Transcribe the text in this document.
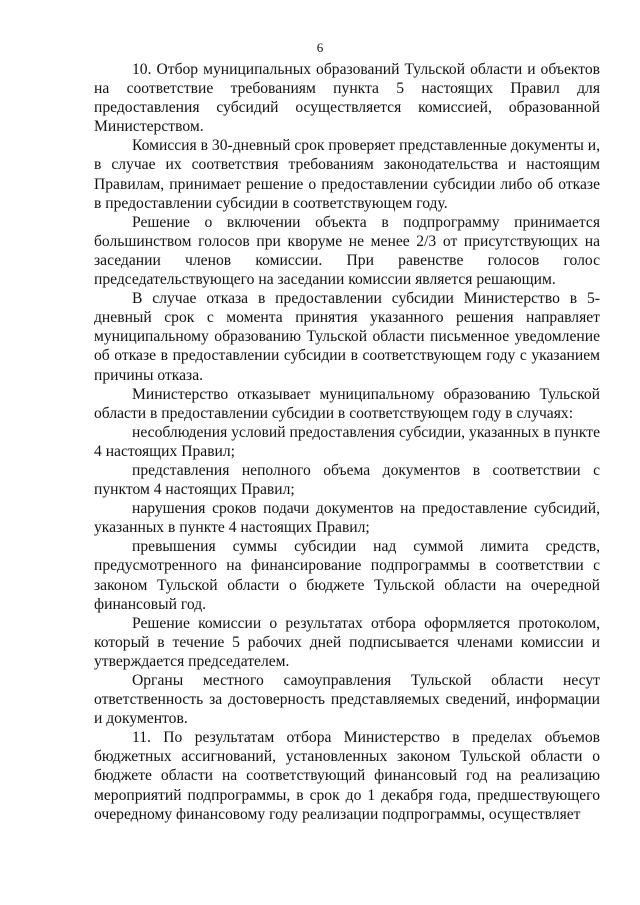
6

10. Отбор муниципальных образований Тульской области и объектов на соответствие требованиям пункта 5 настоящих Правил для предоставления субсидий осуществляется комиссией, образованной Министерством.

Комиссия в 30-дневный срок проверяет представленные документы и, в случае их соответствия требованиям законодательства и настоящим Правилам, принимает решение о предоставлении субсидии либо об отказе в предоставлении субсидии в соответствующем году.

Решение о включении объекта в подпрограмму принимается большинством голосов при кворуме не менее 2/3 от присутствующих на заседании членов комиссии. При равенстве голосов голос председательствующего на заседании комиссии является решающим.

В случае отказа в предоставлении субсидии Министерство в 5-дневный срок с момента принятия указанного решения направляет муниципальному образованию Тульской области письменное уведомление об отказе в предоставлении субсидии в соответствующем году с указанием причины отказа.

Министерство отказывает муниципальному образованию Тульской области в предоставлении субсидии в соответствующем году в случаях:

несоблюдения условий предоставления субсидии, указанных в пункте 4 настоящих Правил;

представления неполного объема документов в соответствии с пунктом 4 настоящих Правил;

нарушения сроков подачи документов на предоставление субсидий, указанных в пункте 4 настоящих Правил;

превышения суммы субсидии над суммой лимита средств, предусмотренного на финансирование подпрограммы в соответствии с законом Тульской области о бюджете Тульской области на очередной финансовый год.

Решение комиссии о результатах отбора оформляется протоколом, который в течение 5 рабочих дней подписывается членами комиссии и утверждается председателем.

Органы местного самоуправления Тульской области несут ответственность за достоверность представляемых сведений, информации и документов.

11. По результатам отбора Министерство в пределах объемов бюджетных ассигнований, установленных законом Тульской области о бюджете области на соответствующий финансовый год на реализацию мероприятий подпрограммы, в срок до 1 декабря года, предшествующего очередному финансовому году реализации подпрограммы, осуществляет
